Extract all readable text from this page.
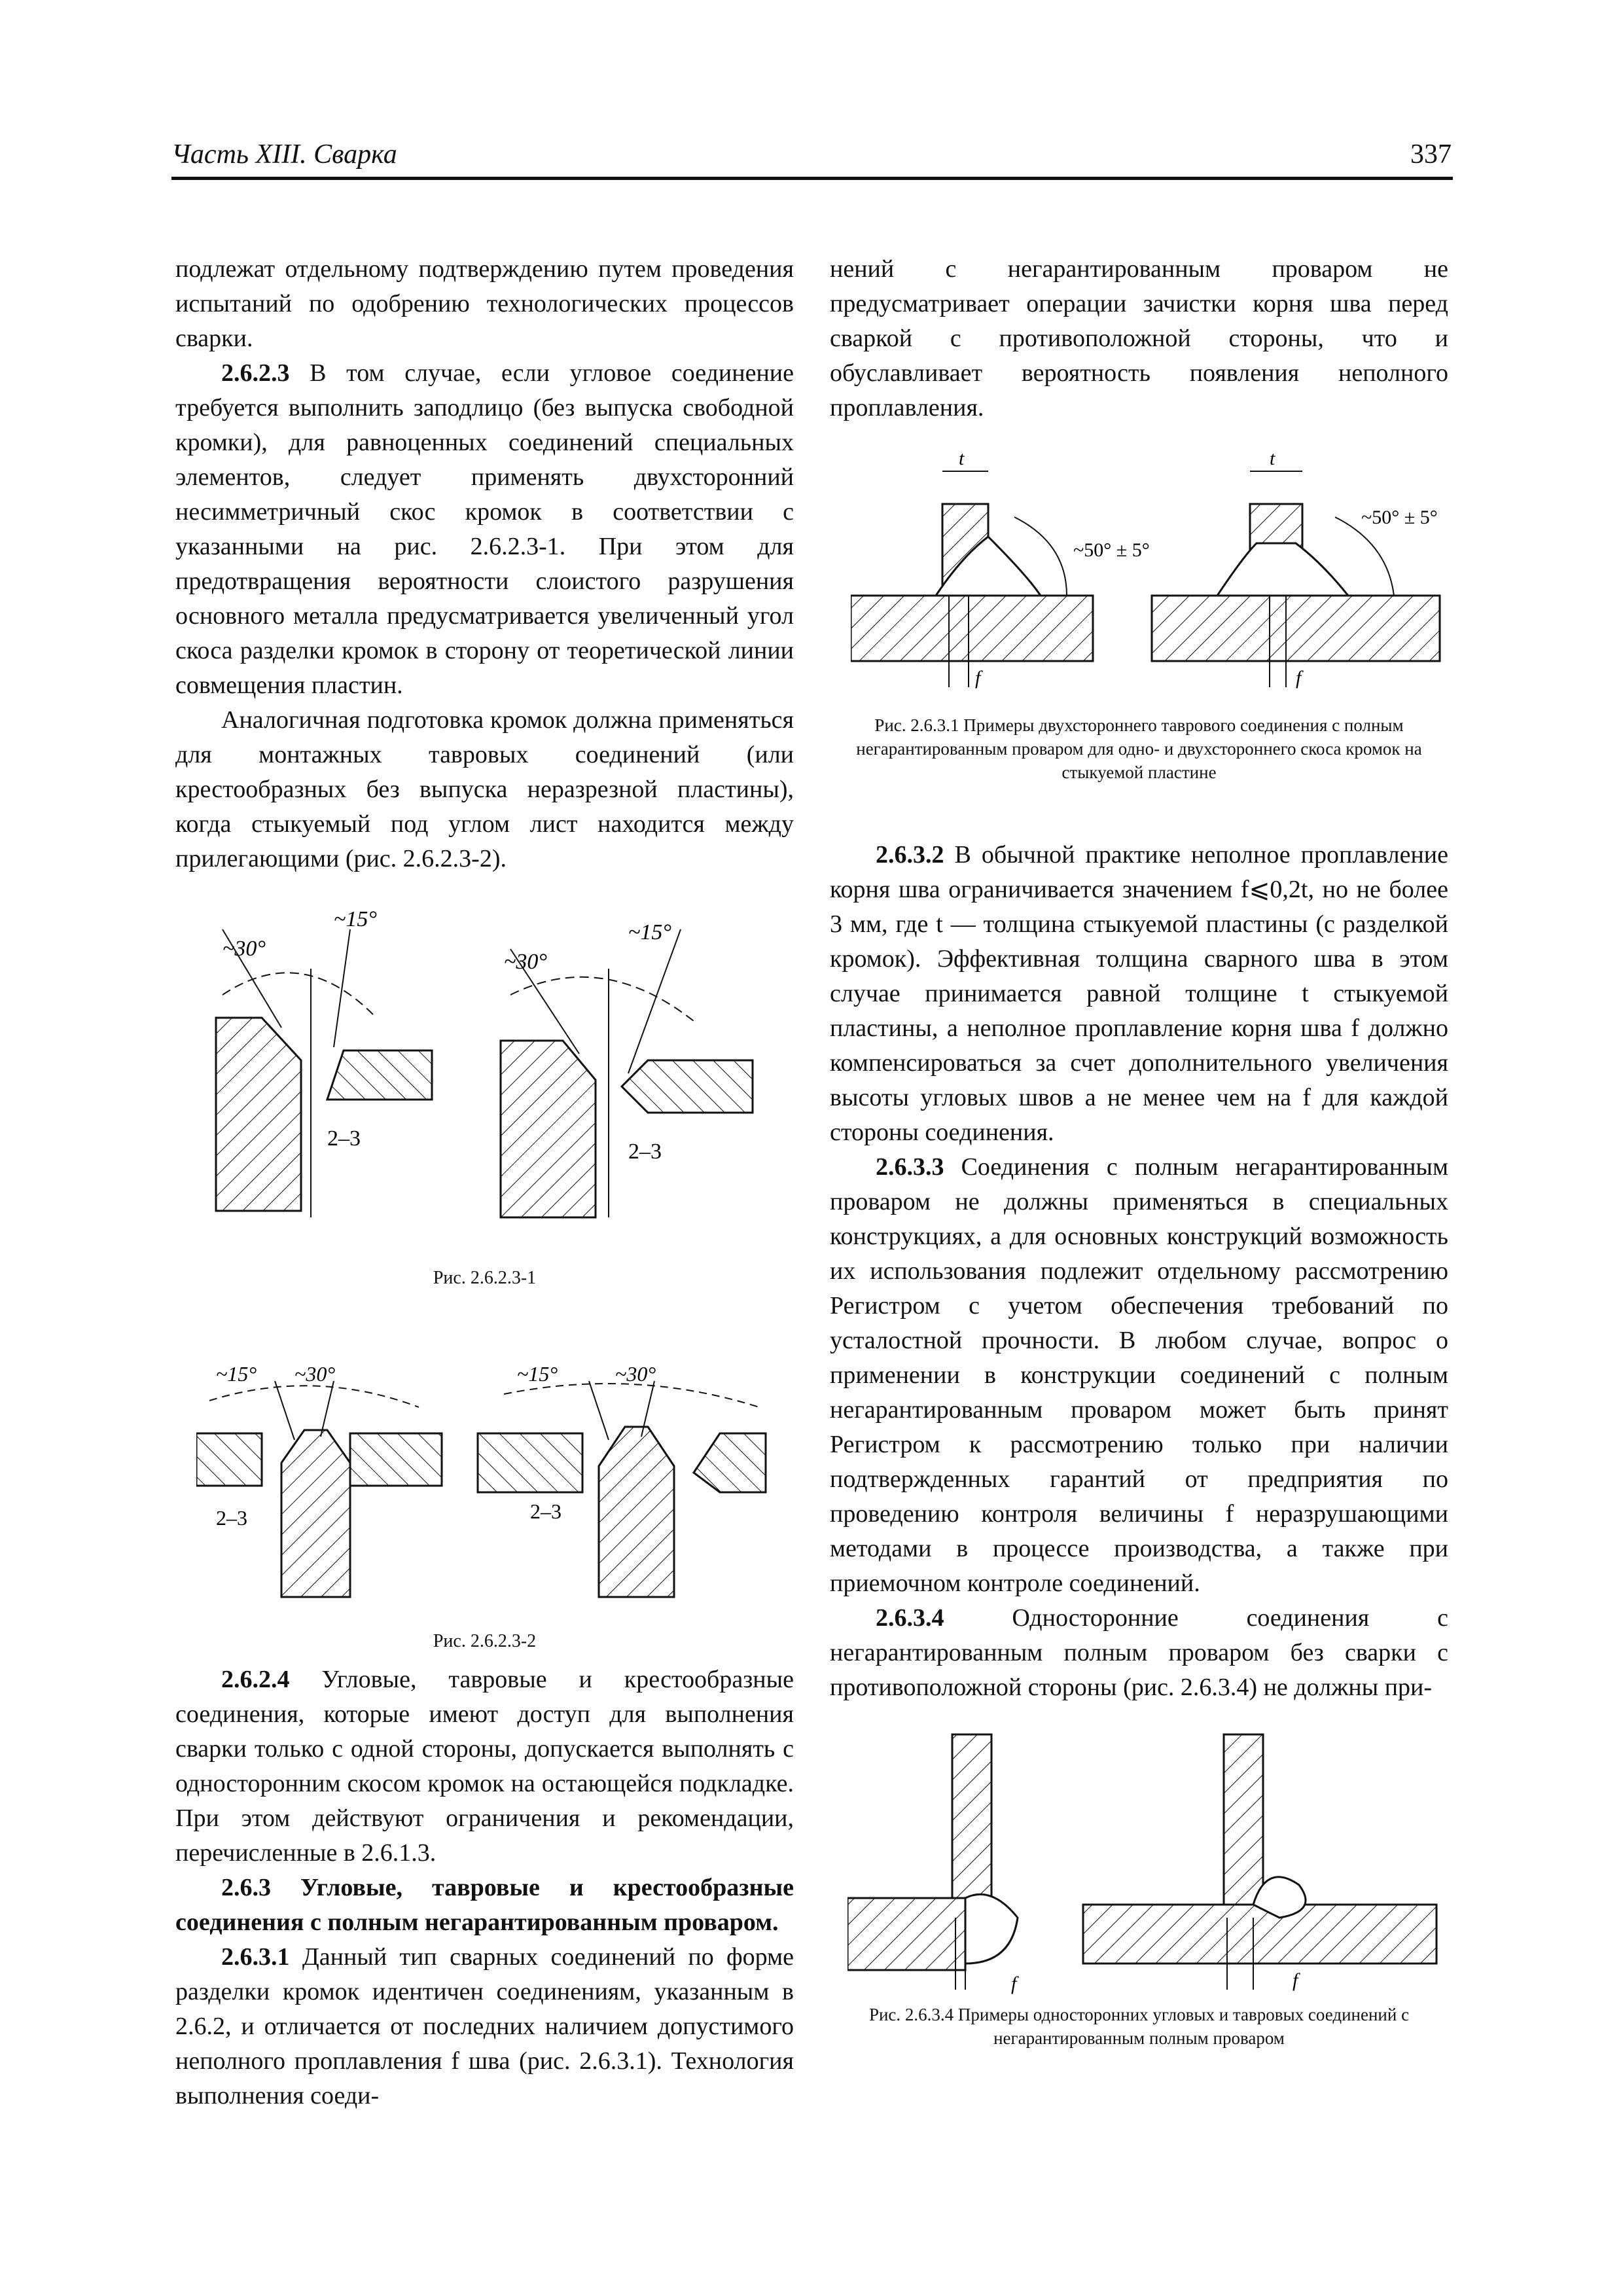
Часть XIII. Сварка	337

подлежат отдельному подтверждению путем проведения испытаний по одобрению технологических процессов сварки.

2.6.2.3 В том случае, если угловое соединение требуется выполнить заподлицо (без выпуска свободной кромки), для равноценных соединений специальных элементов, следует применять двухсторонний несимметричный скос кромок в соответствии с указанными на рис. 2.6.2.3-1. При этом для предотвращения вероятности слоистого разрушения основного металла предусматривается увеличенный угол скоса разделки кромок в сторону от теоретической линии совмещения пластин.

Аналогичная подготовка кромок должна применяться для монтажных тавровых соединений (или крестообразных без выпуска неразрезной пластины), когда стыкуемый под углом лист находится между прилегающими (рис. 2.6.2.3-2).

~30°
~15°
2–3
~30°
~15°
2–3
Рис. 2.6.2.3-1
~15° ~30°
2–3
~15°	~30°
2–3
Рис. 2.6.2.3-2

2.6.2.4 Угловые, тавровые и крестообразные соединения, которые имеют доступ для выполнения сварки только с одной стороны, допускается выполнять с односторонним скосом кромок на остающейся подкладке. При этом действуют ограничения и рекомендации, перечисленные в 2.6.1.3.

2.6.3 Угловые, тавровые и крестообразные соединения с полным негарантированным проваром.

2.6.3.1 Данный тип сварных соединений по форме разделки кромок идентичен соединениям, указанным в 2.6.2, и отличается от последних наличием допустимого неполного проплавления f шва (рис. 2.6.3.1). Технология выполнения соеди-

нений с негарантированным проваром не предусматривает операции зачистки корня шва перед сваркой с противоположной стороны, что и обуславливает вероятность появления неполного проплавления.

t
~50° ± 5°
f
t
~50° ± 5°
f
Рис. 2.6.3.1 Примеры двухстороннего таврового соединения с полным негарантированным проваром для одно- и двухстороннего скоса кромок на стыкуемой пластине

2.6.3.2 В обычной практике неполное проплавление корня шва ограничивается значением f⩽0,2t, но не более 3 мм, где t — толщина стыкуемой пластины (с разделкой кромок). Эффективная толщина сварного шва в этом случае принимается равной толщине t стыкуемой пластины, а неполное проплавление корня шва f должно компенсироваться за счет дополнительного увеличения высоты угловых швов a не менее чем на f для каждой стороны соединения.

2.6.3.3 Соединения с полным негарантированным проваром не должны применяться в специальных конструкциях, а для основных конструкций возможность их использования подлежит отдельному рассмотрению Регистром с учетом обеспечения требований по усталостной прочности. В любом случае, вопрос о применении в конструкции соединений с полным негарантированным проваром может быть принят Регистром к рассмотрению только при наличии подтвержденных гарантий от предприятия по проведению контроля величины f неразрушающими методами в процессе производства, а также при приемочном контроле соединений.

2.6.3.4 Односторонние соединения с негарантированным полным проваром без сварки с противоположной стороны (рис. 2.6.3.4) не должны при-

f	f
Рис. 2.6.3.4 Примеры односторонних угловых и тавровых соединений с негарантированным полным проваром
